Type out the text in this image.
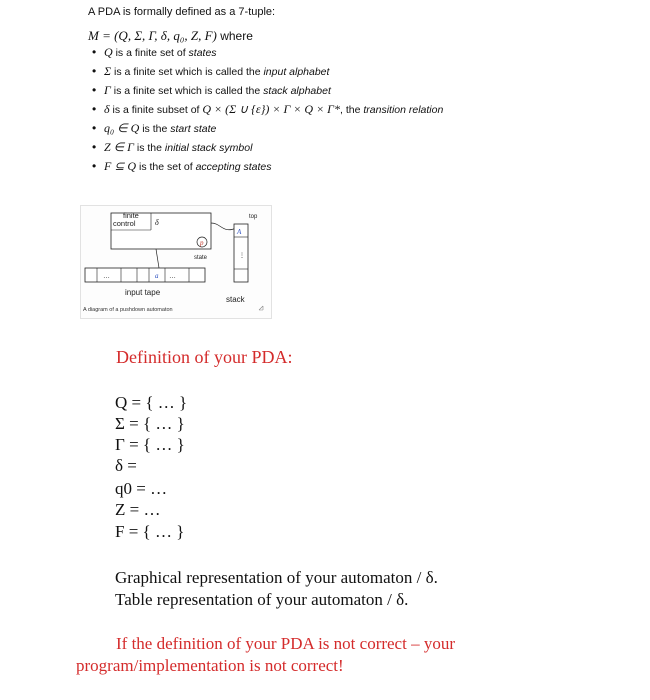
A PDA is formally defined as a 7-tuple:
M = (Q, Σ, Γ, δ, q₀, Z, F) where
• Q is a finite set of states
• Σ is a finite set which is called the input alphabet
• Γ is a finite set which is called the stack alphabet
• δ is a finite subset of Q × (Σ ∪ {ε}) × Γ × Q × Γ*, the transition relation
• q₀ ∈ Q is the start state
• Z ∈ Γ is the initial stack symbol
• F ⊆ Q is the set of accepting states
finite
control δ
p
state
A
⋮
top
stack
…	a …
input tape
A diagram of a pushdown automaton
Definition of your PDA:
Q = { … }
Σ = { … }
Γ = { … }
δ =
q0 = …
Z = …
F = { … }
Graphical representation of your automaton / δ.
Table representation of your automaton / δ.
If the definition of your PDA is not correct – your
program/implementation is not correct!
